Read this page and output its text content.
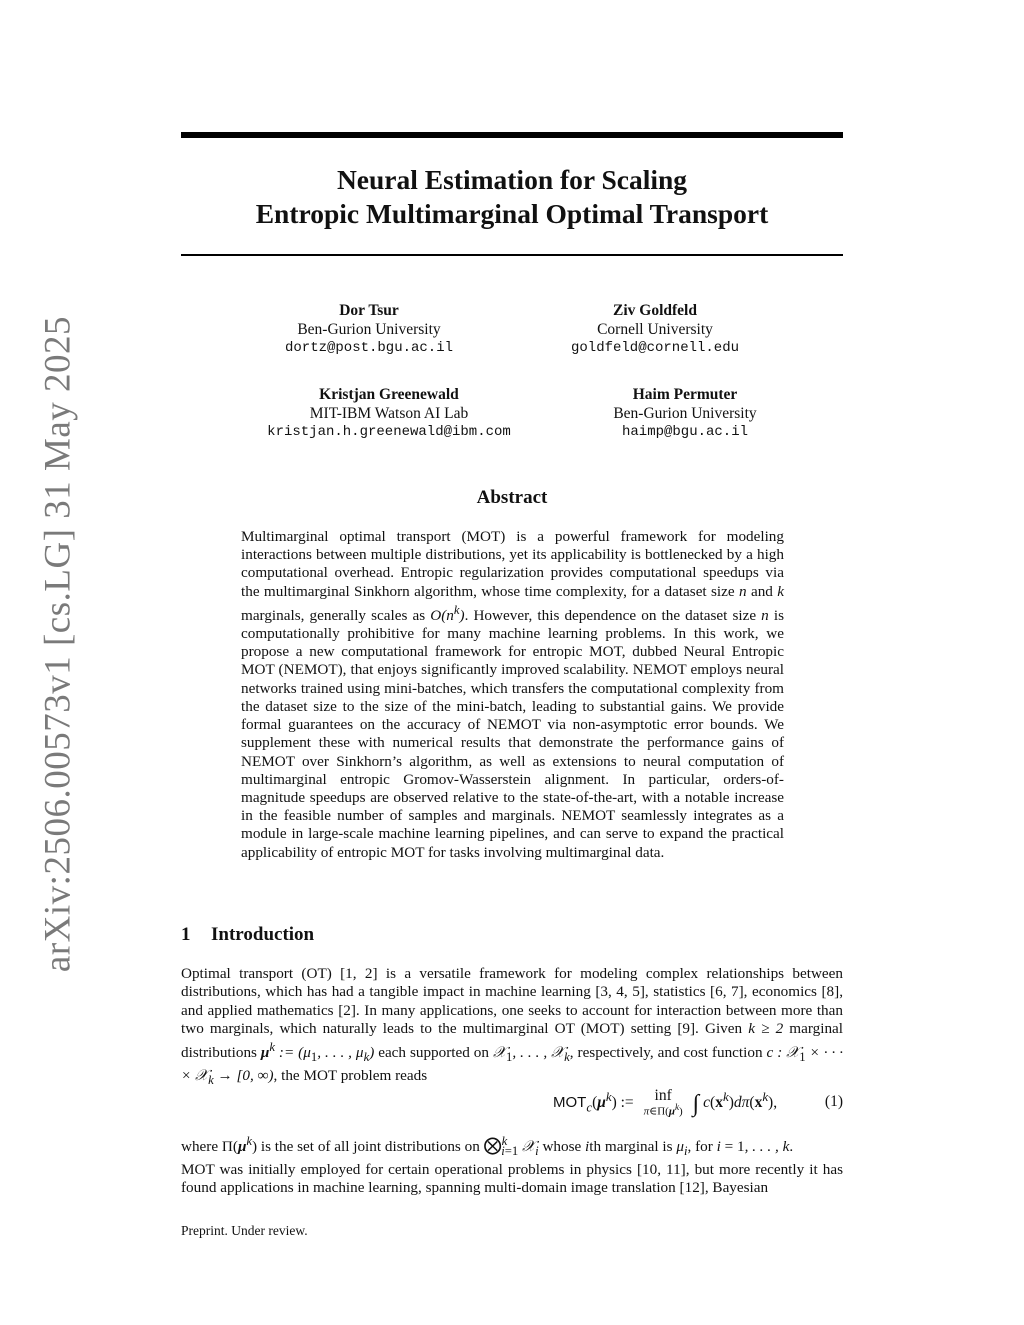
arXiv:2506.00573v1 [cs.LG] 31 May 2025
Neural Estimation for Scaling
Entropic Multimarginal Optimal Transport
Dor Tsur
Ben-Gurion University
dortz@post.bgu.ac.il
Ziv Goldfeld
Cornell University
goldfeld@cornell.edu
Kristjan Greenewald
MIT-IBM Watson AI Lab
kristjan.h.greenewald@ibm.com
Haim Permuter
Ben-Gurion University
haimp@bgu.ac.il
Abstract
Multimarginal optimal transport (MOT) is a powerful framework for modeling interactions between multiple distributions, yet its applicability is bottlenecked by a high computational overhead. Entropic regularization provides computational speedups via the multimarginal Sinkhorn algorithm, whose time complexity, for a dataset size n and k marginals, generally scales as $O(n^k)$. However, this dependence on the dataset size n is computationally prohibitive for many machine learning problems. In this work, we propose a new computational framework for entropic MOT, dubbed Neural Entropic MOT (NEMOT), that enjoys significantly improved scalability. NEMOT employs neural networks trained using mini-batches, which transfers the computational complexity from the dataset size to the size of the mini-batch, leading to substantial gains. We provide formal guarantees on the accuracy of NEMOT via non-asymptotic error bounds. We supplement these with numerical results that demonstrate the performance gains of NEMOT over Sinkhorn’s algorithm, as well as extensions to neural computation of multimarginal entropic Gromov-Wasserstein alignment. In particular, orders-of-magnitude speedups are observed relative to the state-of-the-art, with a notable increase in the feasible number of samples and marginals. NEMOT seamlessly integrates as a module in large-scale machine learning pipelines, and can serve to expand the practical applicability of entropic MOT for tasks involving multimarginal data.
1 Introduction
Optimal transport (OT) [1, 2] is a versatile framework for modeling complex relationships between distributions, which has had a tangible impact in machine learning [3, 4, 5], statistics [6, 7], economics [8], and applied mathematics [2]. In many applications, one seeks to account for interaction between more than two marginals, which naturally leads to the multimarginal OT (MOT) setting [9]. Given k ≥ 2 marginal distributions $\mu^k$ := ($\mu_1$, . . . , $\mu_k$) each supported on 𝒳$_1$, . . . , 𝒳$_k$, respectively, and cost function c : 𝒳$_1$ × · · · × 𝒳$_k$ → [0, ∞), the MOT problem reads
$MOT_c(\mu^k)$ :=	inf
$\pi\in\Pi(\mu^k)$ ∫ $c(x^k)d\pi(x^k)$,	(1)
where $\Pi(\mu^k)$ is the set of all joint distributions on ⨂$^k_{i=1}$ 𝒳$_i$ whose ith marginal is $\mu_i$, for i = 1, . . . , k.
MOT was initially employed for certain operational problems in physics [10, 11], but more recently it has found applications in machine learning, spanning multi-domain image translation [12], Bayesian
Preprint. Under review.
